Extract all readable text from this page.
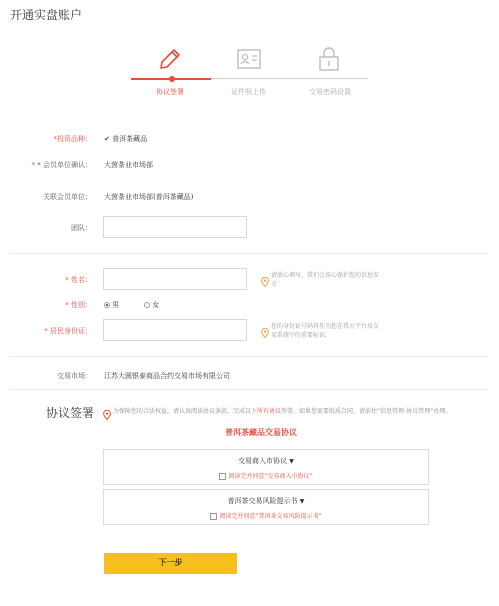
开通实盘账户
协议签署	证件照上传	交易密码设置
*投资品种： ✔ 普洱茶藏品
* * 会员单位确认： 大茵茶业市场部
关联会员单位： 大茵茶业市场部(普洱茶藏品)
团队：
* 姓名：
请放心填写，我们会用心保护您的信息安全
* 性别：	男	女
* 居民身份证：
您的身份证号码将作为您在我方平台及交易系统中的重要标识。
交易市场： 江苏大圆银泰商品合约交易市场有限公司
协议签署	为保障您的合法权益，请认真阅读协议条款，完成以下所有协议签署。如果您需要纸质合同，请前往“信息管理-协议管理”办理。
普洱茶藏品交易协议
交易商入市协议 ▼
阅读完并同意“交易商入市协议”
普洱茶交易风险提示书 ▼
阅读完并同意“普洱茶交易风险提示书”
下一步
